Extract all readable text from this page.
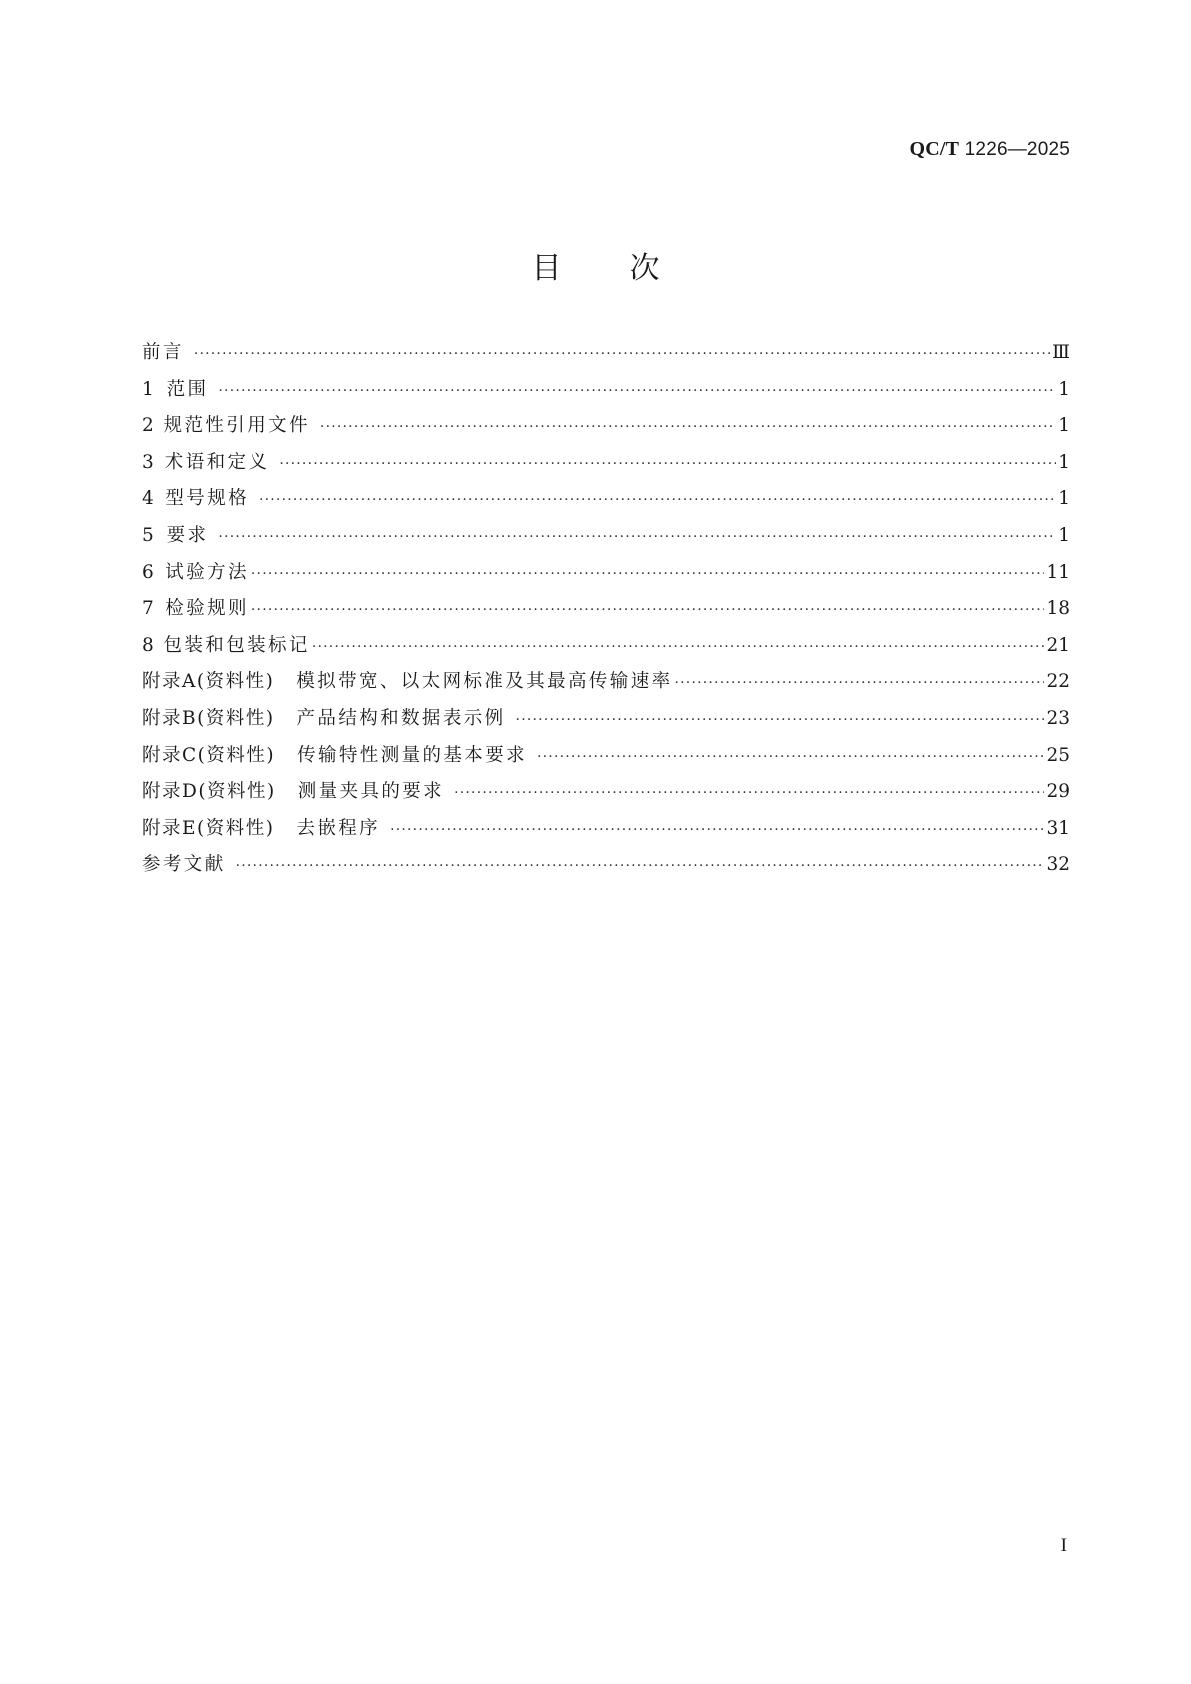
QC/T 1226—2025
目次
前言 ·····	Ⅲ
1 范围 ·····	1
2 规范性引用文件 ·····	1
3 术语和定义 ·····	1
4 型号规格 ·····	1
5 要求 ·····	1
6 试验方法 ·····	11
7 检验规则 ·····	18
8 包装和包装标记 ·····	21
附录A(资料性) 模拟带宽、以太网标准及其最高传输速率 ·····	22
附录B(资料性) 产品结构和数据表示例 ·····	23
附录C(资料性) 传输特性测量的基本要求 ·····	25
附录D(资料性) 测量夹具的要求 ·····	29
附录E(资料性) 去嵌程序 ·····	31
参考文献 ·····	32
I
